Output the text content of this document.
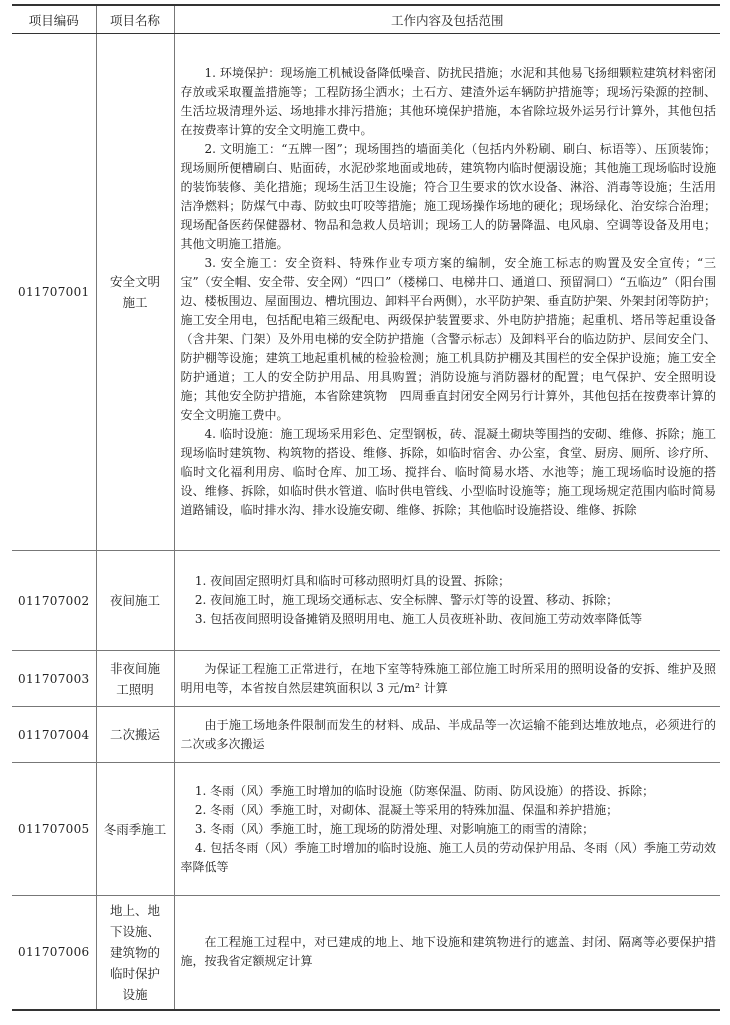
项目编码	项目名称	工作内容及包括范围
011707001	安全文明施工	1. 环境保护：现场施工机械设备降低噪音、防扰民措施；水泥和其他易飞扬细颗粒建筑材料密闭存放或采取覆盖措施等；工程防扬尘洒水；土石方、建渣外运车辆防护措施等；现场污染源的控制、生活垃圾清理外运、场地排水排污措施；其他环境保护措施，本省除垃圾外运另行计算外，其他包括在按费率计算的安全文明施工费中。
2. 文明施工：“五牌一图”；现场围挡的墙面美化（包括内外粉刷、刷白、标语等）、压顶装饰；现场厕所便槽刷白、贴面砖，水泥砂浆地面或地砖，建筑物内临时便溺设施；其他施工现场临时设施的装饰装修、美化措施；现场生活卫生设施；符合卫生要求的饮水设备、淋浴、消毒等设施；生活用洁净燃料；防煤气中毒、防蚊虫叮咬等措施；施工现场操作场地的硬化；现场绿化、治安综合治理；现场配备医药保健器材、物品和急救人员培训；现场工人的防暑降温、电风扇、空调等设备及用电；其他文明施工措施。
3. 安全施工：安全资料、特殊作业专项方案的编制，安全施工标志的购置及安全宣传；“三宝”（安全帽、安全带、安全网）“四口”（楼梯口、电梯井口、通道口、预留洞口）“五临边”（阳台围边、楼板围边、屋面围边、槽坑围边、卸料平台两侧），水平防护架、垂直防护架、外架封闭等防护；施工安全用电，包括配电箱三级配电、两级保护装置要求、外电防护措施；起重机、塔吊等起重设备（含井架、门架）及外用电梯的安全防护措施（含警示标志）及卸料平台的临边防护、层间安全门、防护棚等设施；建筑工地起重机械的检验检测；施工机具防护棚及其围栏的安全保护设施；施工安全防护通道；工人的安全防护用品、用具购置；消防设施与消防器材的配置；电气保护、安全照明设施；其他安全防护措施，本省除建筑物　四周垂直封闭安全网另行计算外，其他包括在按费率计算的安全文明施工费中。
4. 临时设施：施工现场采用彩色、定型钢板，砖、混凝土砌块等围挡的安砌、维修、拆除；施工现场临时建筑物、构筑物的搭设、维修、拆除，如临时宿舍、办公室，食堂、厨房、厕所、诊疗所、临时文化福利用房、临时仓库、加工场、搅拌台、临时简易水塔、水池等；施工现场临时设施的搭设、维修、拆除，如临时供水管道、临时供电管线、小型临时设施等；施工现场规定范围内临时简易道路铺设，临时排水沟、排水设施安砌、维修、拆除；其他临时设施搭设、维修、拆除

011707002	夜间施工	1. 夜间固定照明灯具和临时可移动照明灯具的设置、拆除；
2. 夜间施工时，施工现场交通标志、安全标牌、警示灯等的设置、移动、拆除；
3. 包括夜间照明设备摊销及照明用电、施工人员夜班补助、夜间施工劳动效率降低等

011707003	非夜间施工照明	为保证工程施工正常进行，在地下室等特殊施工部位施工时所采用的照明设备的安拆、维护及照明用电等，本省按自然层建筑面积以 3 元/m² 计算

011707004	二次搬运	由于施工场地条件限制而发生的材料、成品、半成品等一次运输不能到达堆放地点，必须进行的二次或多次搬运

011707005	冬雨季施工	1. 冬雨（风）季施工时增加的临时设施（防寒保温、防雨、防风设施）的搭设、拆除；
2. 冬雨（风）季施工时，对砌体、混凝土等采用的特殊加温、保温和养护措施；
3. 冬雨（风）季施工时，施工现场的防滑处理、对影响施工的雨雪的清除；
4. 包括冬雨（风）季施工时增加的临时设施、施工人员的劳动保护用品、冬雨（风）季施工劳动效率降低等

011707006	地上、地下设施、建筑物的临时保护设施	在工程施工过程中，对已建成的地上、地下设施和建筑物进行的遮盖、封闭、隔离等必要保护措施，按我省定额规定计算
